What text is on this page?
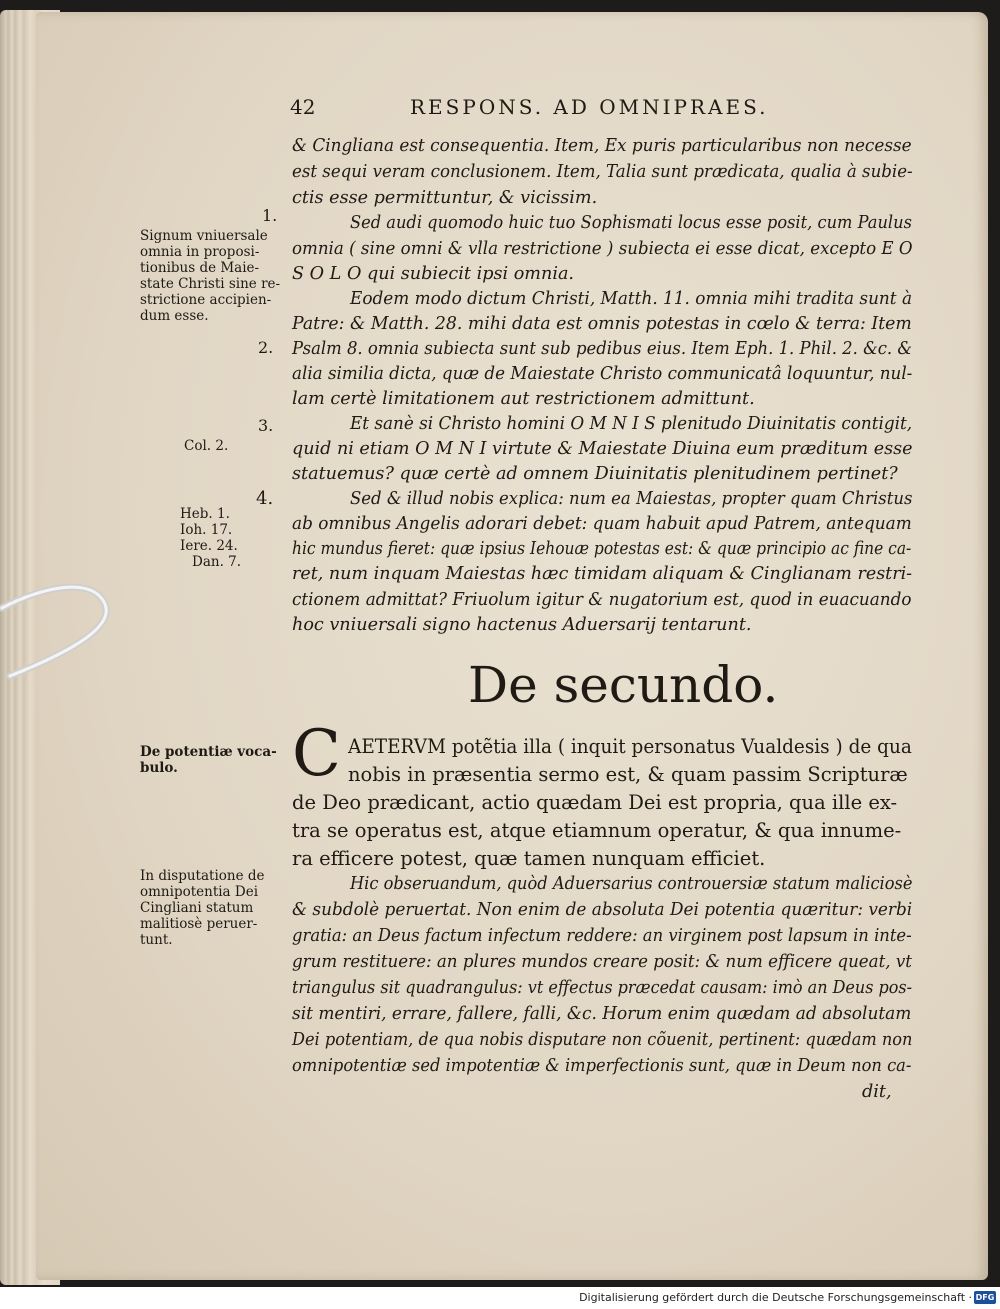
42	RESPONS. AD OMNIPRAES.
& Cingliana est consequentia. Item, Ex puris particularibus non necesse
est sequi veram conclusionem. Item, Talia sunt prædicata, qualia à subie-
ctis esse permittuntur, & vicissim.
Sed audi quomodo huic tuo Sophismati locus esse posit, cum Paulus
omnia ( sine omni & vlla restrictione ) subiecta ei esse dicat, excepto E O
S O L O qui subiecit ipsi omnia.
Eodem modo dictum Christi, Matth. 11. omnia mihi tradita sunt à
Patre: & Matth. 28. mihi data est omnis potestas in cœlo & terra: Item
Psalm 8. omnia subiecta sunt sub pedibus eius. Item Eph. 1. Phil. 2. &c. &
alia similia dicta, quæ de Maiestate Christo communicatâ loquuntur, nul-
lam certè limitationem aut restrictionem admittunt.
Et sanè si Christo homini O M N I S plenitudo Diuinitatis contigit,
quid ni etiam O M N I virtute & Maiestate Diuina eum præditum esse
statuemus? quæ certè ad omnem Diuinitatis plenitudinem pertinet?
Sed & illud nobis explica: num ea Maiestas, propter quam Christus
ab omnibus Angelis adorari debet: quam habuit apud Patrem, antequam
hic mundus fieret: quæ ipsius Iehouæ potestas est: & quæ principio ac fine ca-
ret, num inquam Maiestas hæc timidam aliquam & Cinglianam restri-
ctionem admittat? Friuolum igitur & nugatorium est, quod in euacuando
hoc vniuersali signo hactenus Aduersarij tentarunt.
1.
Signum vniuersale
omnia in proposi-
tionibus de Maie-
state Christi sine re-
strictione accipien-
dum esse.
2.
3.
Col. 2.
4.
Heb. 1.
Ioh. 17.
Iere. 24.
Dan. 7.
De potentiæ voca-
bulo.
In disputatione de
omnipotentia Dei
Cingliani statum
malitiosè peruer-
tunt.
De secundo.
C AETERVM potẽtia illa ( inquit personatus Vualdesis ) de qua
nobis in præsentia sermo est, & quam passim Scripturæ
de Deo prædicant, actio quædam Dei est propria, qua ille ex-
tra se operatus est, atque etiamnum operatur, & qua innume-
ra efficere potest, quæ tamen nunquam efficiet.
Hic obseruandum, quòd Aduersarius controuersiæ statum maliciosè
& subdolè peruertat. Non enim de absoluta Dei potentia quæritur: verbi
gratia: an Deus factum infectum reddere: an virginem post lapsum in inte-
grum restituere: an plures mundos creare posit: & num efficere queat, vt
triangulus sit quadrangulus: vt effectus præcedat causam: imò an Deus pos-
sit mentiri, errare, fallere, falli, &c. Horum enim quædam ad absolutam
Dei potentiam, de qua nobis disputare non cõuenit, pertinent: quædam non
omnipotentiæ sed impotentiæ & imperfectionis sunt, quæ in Deum non ca-
dit,
Digitalisierung gefördert durch die Deutsche Forschungsgemeinschaft · DFG
